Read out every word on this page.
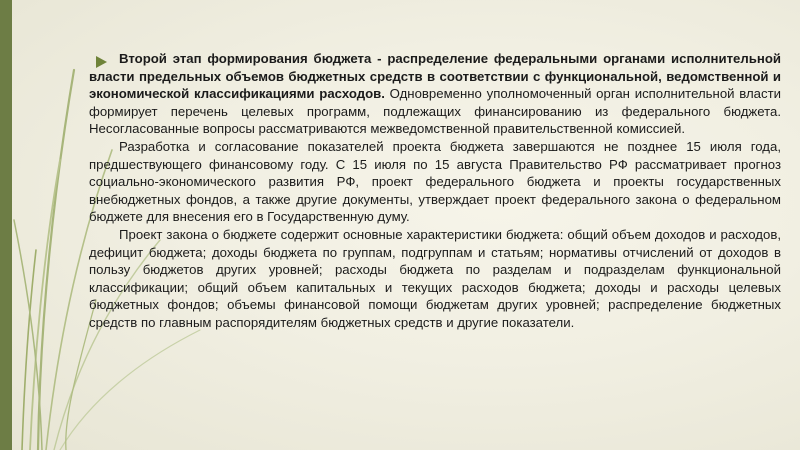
Второй этап формирования бюджета - распределение федеральными органами исполнительной власти предельных объемов бюджетных средств в соответствии с функциональной, ведомственной и экономической классификациями расходов. Одновременно уполномоченный орган исполнительной власти формирует перечень целевых программ, подлежащих финансированию из федерального бюджета. Несогласованные вопросы рассматриваются межведомственной правительственной комиссией.

Разработка и согласование показателей проекта бюджета завершаются не позднее 15 июля года, предшествующего финансовому году. С 15 июля по 15 августа Правительство РФ рассматривает прогноз социально-экономического развития РФ, проект федерального бюджета и проекты государственных внебюджетных фондов, а также другие документы, утверждает проект федерального закона о федеральном бюджете для внесения его в Государственную думу.

Проект закона о бюджете содержит основные характеристики бюджета: общий объем доходов и расходов, дефицит бюджета; доходы бюджета по группам, подгруппам и статьям; нормативы отчислений от доходов в пользу бюджетов других уровней; расходы бюджета по разделам и подразделам функциональной классификации; общий объем капитальных и текущих расходов бюджета; доходы и расходы целевых бюджетных фондов; объемы финансовой помощи бюджетам других уровней; распределение бюджетных средств по главным распорядителям бюджетных средств и другие показатели.
